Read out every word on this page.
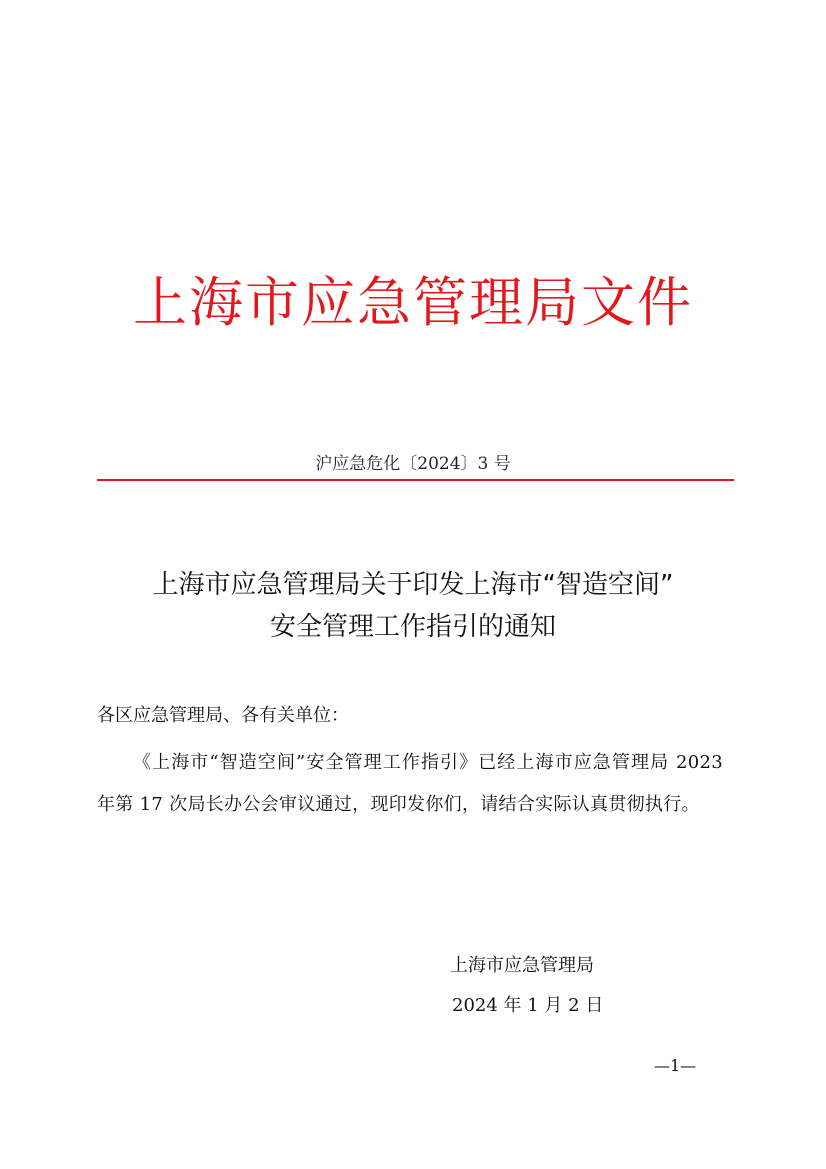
上海市应急管理局文件
沪应急危化〔2024〕3 号
上海市应急管理局关于印发上海市“智造空间”
安全管理工作指引的通知
各区应急管理局、各有关单位：
《上海市“智造空间”安全管理工作指引》已经上海市应急管理局 2023 年第 17 次局长办公会审议通过，现印发你们，请结合实际认真贯彻执行。
上海市应急管理局
2024 年 1 月 2 日
—1—
